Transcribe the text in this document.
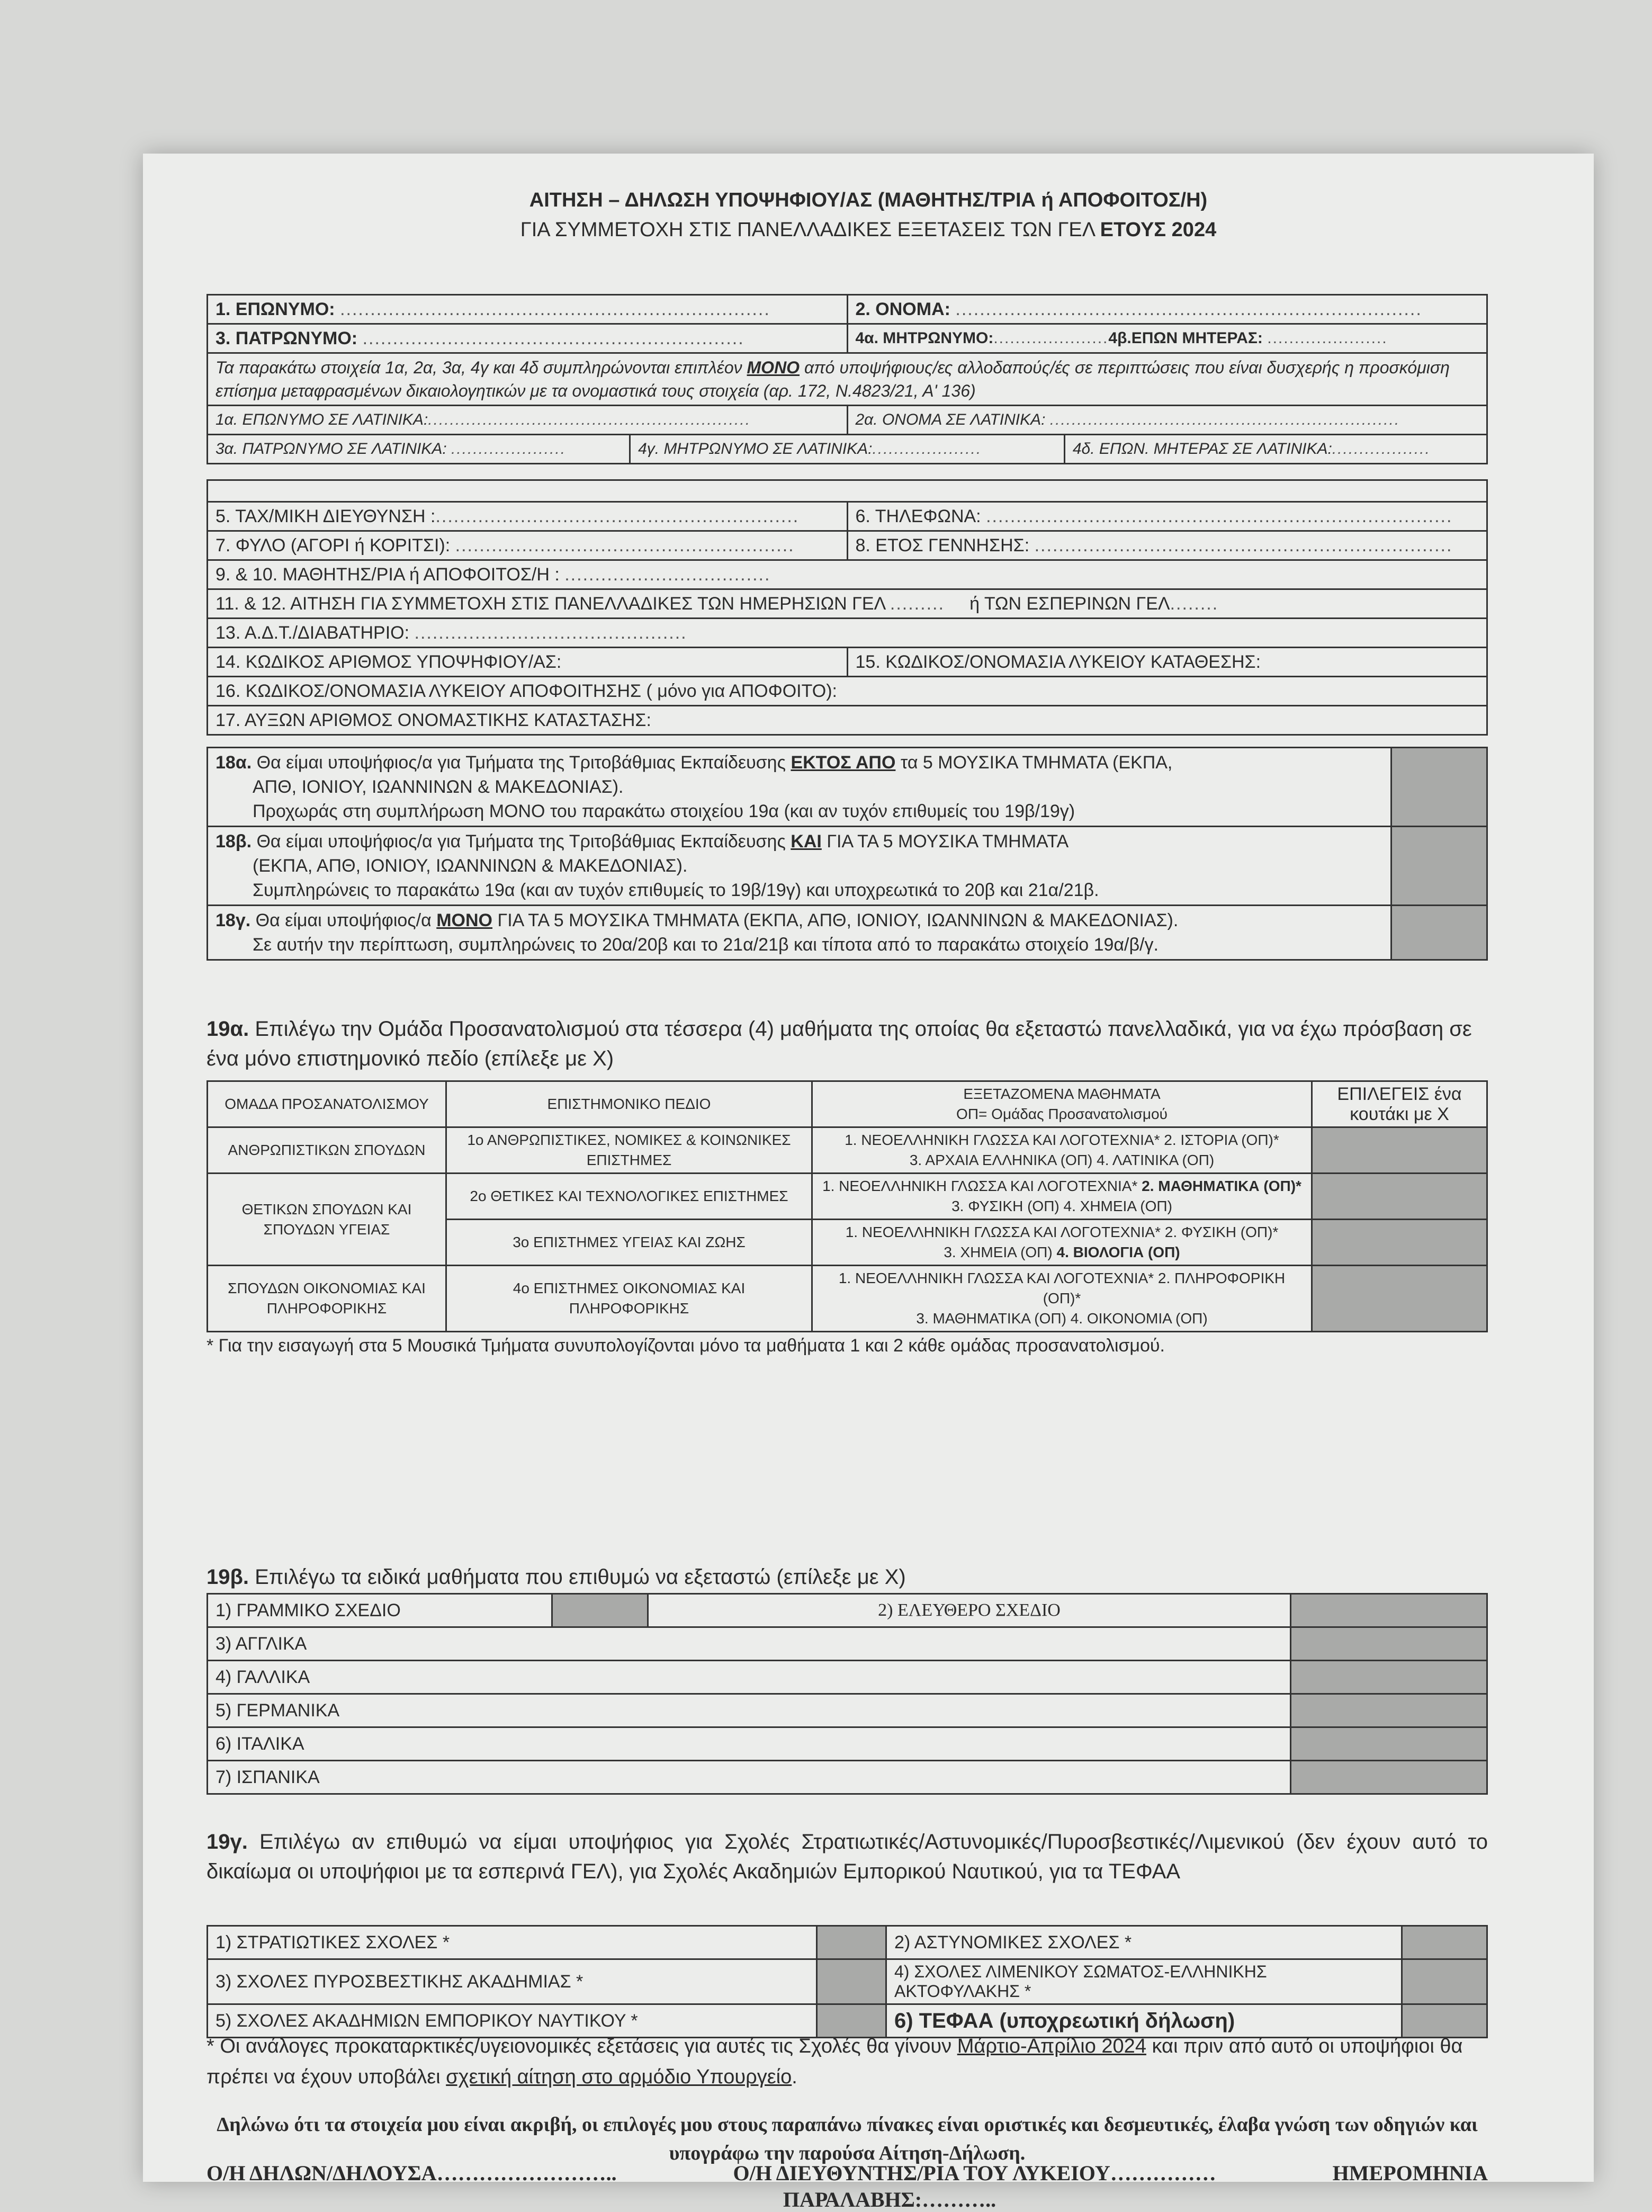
ΑΙΤΗΣΗ – ΔΗΛΩΣΗ ΥΠΟΨΗΦΙΟΥ/ΑΣ (ΜΑΘΗΤΗΣ/ΤΡΙΑ ή ΑΠΟΦΟΙΤΟΣ/Η)
ΓΙΑ ΣΥΜΜΕΤΟΧΗ ΣΤΙΣ ΠΑΝΕΛΛΑΔΙΚΕΣ ΕΞΕΤΑΣΕΙΣ ΤΩΝ ΓΕΛ ΕΤΟΥΣ 2024
1. ΕΠΩΝΥΜΟ: .......................................................................	2. ΟΝΟΜΑ: .............................................................................
3. ΠΑΤΡΩΝΥΜΟ: ...............................................................	4α. ΜΗΤΡΩΝΥΜΟ:.....................4β.ΕΠΩΝ ΜΗΤΕΡΑΣ: ......................
Τα παρακάτω στοιχεία 1α, 2α, 3α, 4γ και 4δ συμπληρώνονται επιπλέον ΜΟΝΟ από υποψήφιους/ες αλλοδαπούς/ές σε περιπτώσεις που είναι δυσχερής η προσκόμιση επίσημα μεταφρασμένων δικαιολογητικών με τα ονομαστικά τους στοιχεία (αρ. 172, Ν.4823/21, Α' 136)
1α. ΕΠΩΝΥΜΟ ΣΕ ΛΑΤΙΝΙΚΑ:...........................................................	2α. ΟΝΟΜΑ ΣΕ ΛΑΤΙΝΙΚΑ: ................................................................

3α. ΠΑΤΡΩΝΥΜΟ ΣΕ ΛΑΤΙΝΙΚΑ: .....................	4γ. ΜΗΤΡΩΝΥΜΟ ΣΕ ΛΑΤΙΝΙΚΑ:....................	4δ. ΕΠΩΝ. ΜΗΤΕΡΑΣ ΣΕ ΛΑΤΙΝΙΚΑ:..................

5. ΤΑΧ/ΜΙΚΗ ΔΙΕΥΘΥΝΣΗ :............................................................	6. ΤΗΛΕΦΩΝΑ: .............................................................................
7. ΦΥΛΟ (ΑΓΟΡΙ ή ΚΟΡΙΤΣΙ): ........................................................	8. ΕΤΟΣ ΓΕΝΝΗΣΗΣ: .....................................................................
9. & 10. ΜΑΘΗΤΗΣ/ΡΙΑ ή ΑΠΟΦΟΙΤΟΣ/Η : ..................................	
11. & 12. ΑΙΤΗΣΗ ΓΙΑ ΣΥΜΜΕΤΟΧΗ ΣΤΙΣ ΠΑΝΕΛΛΑΔΙΚΕΣ ΤΩΝ ΗΜΕΡΗΣΙΩΝ ΓΕΛ ......... ή ΤΩΝ ΕΣΠΕΡΙΝΩΝ ΓΕΛ........	
13. Α.Δ.Τ./ΔΙΑΒΑΤΗΡΙΟ: .............................................	
14. ΚΩΔΙΚΟΣ ΑΡΙΘΜΟΣ ΥΠΟΨΗΦΙΟΥ/ΑΣ:	15. ΚΩΔΙΚΟΣ/ΟΝΟΜΑΣΙΑ ΛΥΚΕΙΟΥ ΚΑΤΑΘΕΣΗΣ:
16. ΚΩΔΙΚΟΣ/ΟΝΟΜΑΣΙΑ ΛΥΚΕΙΟΥ ΑΠΟΦΟΙΤΗΣΗΣ ( μόνο για ΑΠΟΦΟΙΤΟ):	
17. ΑΥΞΩΝ ΑΡΙΘΜΟΣ ΟΝΟΜΑΣΤΙΚΗΣ ΚΑΤΑΣΤΑΣΗΣ:	
18α. Θα είμαι υποψήφιος/α για Τμήματα της Τριτοβάθμιας Εκπαίδευσης ΕΚΤΟΣ ΑΠΟ τα 5 ΜΟΥΣΙΚΑ ΤΜΗΜΑΤΑ (ΕΚΠΑ,
ΑΠΘ, ΙΟΝΙΟΥ, ΙΩΑΝΝΙΝΩΝ & ΜΑΚΕΔΟΝΙΑΣ).
Προχωράς στη συμπλήρωση ΜΟΝΟ του παρακάτω στοιχείου 19α (και αν τυχόν επιθυμείς του 19β/19γ)	

18β. Θα είμαι υποψήφιος/α για Τμήματα της Τριτοβάθμιας Εκπαίδευσης ΚΑΙ ΓΙΑ ΤΑ 5 ΜΟΥΣΙΚΑ ΤΜΗΜΑΤΑ
(ΕΚΠΑ, ΑΠΘ, ΙΟΝΙΟΥ, ΙΩΑΝΝΙΝΩΝ & ΜΑΚΕΔΟΝΙΑΣ).
Συμπληρώνεις το παρακάτω 19α (και αν τυχόν επιθυμείς το 19β/19γ) και υποχρεωτικά το 20β και 21α/21β.	

18γ. Θα είμαι υποψήφιος/α ΜΟΝΟ ΓΙΑ ΤΑ 5 ΜΟΥΣΙΚΑ ΤΜΗΜΑΤΑ (ΕΚΠΑ, ΑΠΘ, ΙΟΝΙΟΥ, ΙΩΑΝΝΙΝΩΝ & ΜΑΚΕΔΟΝΙΑΣ).
Σε αυτήν την περίπτωση, συμπληρώνεις το 20α/20β και το 21α/21β και τίποτα από το παρακάτω στοιχείο 19α/β/γ.	

19α. Επιλέγω την Ομάδα Προσανατολισμού στα τέσσερα (4) μαθήματα της οποίας θα εξεταστώ πανελλαδικά, για να έχω πρόσβαση σε ένα μόνο επιστημονικό πεδίο (επίλεξε με Χ)
ΟΜΑΔΑ ΠΡΟΣΑΝΑΤΟΛΙΣΜΟΥ	ΕΠΙΣΤΗΜΟΝΙΚΟ ΠΕΔΙΟ	ΕΞΕΤΑΖΟΜΕΝΑ ΜΑΘΗΜΑΤΑ
ΟΠ= Ομάδας Προσανατολισμού	ΕΠΙΛΕΓΕΙΣ ένα κουτάκι με Χ
ΑΝΘΡΩΠΙΣΤΙΚΩΝ ΣΠΟΥΔΩΝ	1ο ΑΝΘΡΩΠΙΣΤΙΚΕΣ, ΝΟΜΙΚΕΣ & ΚΟΙΝΩΝΙΚΕΣ ΕΠΙΣΤΗΜΕΣ	1. ΝΕΟΕΛΛΗΝΙΚΗ ΓΛΩΣΣΑ ΚΑΙ ΛΟΓΟΤΕΧΝΙΑ* 2. ΙΣΤΟΡΙΑ (ΟΠ)*
3. ΑΡΧΑΙΑ ΕΛΛΗΝΙΚΑ (ΟΠ) 4. ΛΑΤΙΝΙΚΑ (ΟΠ)	
ΘΕΤΙΚΩΝ ΣΠΟΥΔΩΝ ΚΑΙ ΣΠΟΥΔΩΝ ΥΓΕΙΑΣ	2ο ΘΕΤΙΚΕΣ ΚΑΙ ΤΕΧΝΟΛΟΓΙΚΕΣ ΕΠΙΣΤΗΜΕΣ	1. ΝΕΟΕΛΛΗΝΙΚΗ ΓΛΩΣΣΑ ΚΑΙ ΛΟΓΟΤΕΧΝΙΑ* 2. ΜΑΘΗΜΑΤΙΚΑ (ΟΠ)*
3. ΦΥΣΙΚΗ (ΟΠ) 4. ΧΗΜΕΙΑ (ΟΠ)	
	3ο ΕΠΙΣΤΗΜΕΣ ΥΓΕΙΑΣ ΚΑΙ ΖΩΗΣ	1. ΝΕΟΕΛΛΗΝΙΚΗ ΓΛΩΣΣΑ ΚΑΙ ΛΟΓΟΤΕΧΝΙΑ* 2. ΦΥΣΙΚΗ (ΟΠ)*
3. ΧΗΜΕΙΑ (ΟΠ) 4. ΒΙΟΛΟΓΙΑ (ΟΠ)	
ΣΠΟΥΔΩΝ ΟΙΚΟΝΟΜΙΑΣ ΚΑΙ ΠΛΗΡΟΦΟΡΙΚΗΣ	4ο ΕΠΙΣΤΗΜΕΣ ΟΙΚΟΝΟΜΙΑΣ ΚΑΙ ΠΛΗΡΟΦΟΡΙΚΗΣ	1. ΝΕΟΕΛΛΗΝΙΚΗ ΓΛΩΣΣΑ ΚΑΙ ΛΟΓΟΤΕΧΝΙΑ* 2. ΠΛΗΡΟΦΟΡΙΚΗ (ΟΠ)*
3. ΜΑΘΗΜΑΤΙΚΑ (ΟΠ) 4. ΟΙΚΟΝΟΜΙΑ (ΟΠ)	
* Για την εισαγωγή στα 5 Μουσικά Τμήματα συνυπολογίζονται μόνο τα μαθήματα 1 και 2 κάθε ομάδας προσανατολισμού.
19β. Επιλέγω τα ειδικά μαθήματα που επιθυμώ να εξεταστώ (επίλεξε με Χ)
1) ΓΡΑΜΜΙΚΟ ΣΧΕΔΙΟ		2) ΕΛΕΥΘΕΡΟ ΣΧΕΔΙΟ	
3) ΑΓΓΛΙΚΑ			
4) ΓΑΛΛΙΚΑ			
5) ΓΕΡΜΑΝΙΚΑ			
6) ΙΤΑΛΙΚΑ			
7) ΙΣΠΑΝΙΚΑ			
19γ. Επιλέγω αν επιθυμώ να είμαι υποψήφιος για Σχολές Στρατιωτικές/Αστυνομικές/Πυροσβεστικές/Λιμενικού (δεν έχουν αυτό το δικαίωμα οι υποψήφιοι με τα εσπερινά ΓΕΛ), για Σχολές Ακαδημιών Εμπορικού Ναυτικού, για τα ΤΕΦΑΑ
1) ΣΤΡΑΤΙΩΤΙΚΕΣ ΣΧΟΛΕΣ *		2) ΑΣΤΥΝΟΜΙΚΕΣ ΣΧΟΛΕΣ *	
3) ΣΧΟΛΕΣ ΠΥΡΟΣΒΕΣΤΙΚΗΣ ΑΚΑΔΗΜΙΑΣ *		4) ΣΧΟΛΕΣ ΛΙΜΕΝΙΚΟΥ ΣΩΜΑΤΟΣ-ΕΛΛΗΝΙΚΗΣ ΑΚΤΟΦΥΛΑΚΗΣ *	
5) ΣΧΟΛΕΣ ΑΚΑΔΗΜΙΩΝ ΕΜΠΟΡΙΚΟΥ ΝΑΥΤΙΚΟΥ *		6) ΤΕΦΑΑ (υποχρεωτική δήλωση)	
* Οι ανάλογες προκαταρκτικές/υγειονομικές εξετάσεις για αυτές τις Σχολές θα γίνουν Μάρτιο-Απρίλιο 2024 και πριν από αυτό οι υποψήφιοι θα πρέπει να έχουν υποβάλει σχετική αίτηση στο αρμόδιο Υπουργείο.
Δηλώνω ότι τα στοιχεία μου είναι ακριβή, οι επιλογές μου στους παραπάνω πίνακες είναι οριστικές και δεσμευτικές, έλαβα γνώση των οδηγιών και υπογράφω την παρούσα Αίτηση-Δήλωση.
Ο/Η ΔΗΛΩΝ/ΔΗΛΟΥΣΑ……………………..	Ο/Η ΔΙΕΥΘΥΝΤΗΣ/ΡΙΑ ΤΟΥ ΛΥΚΕΙΟΥ……………	ΗΜΕΡΟΜΗΝΙΑ
ΠΑΡΑΛΑΒΗΣ:………..
